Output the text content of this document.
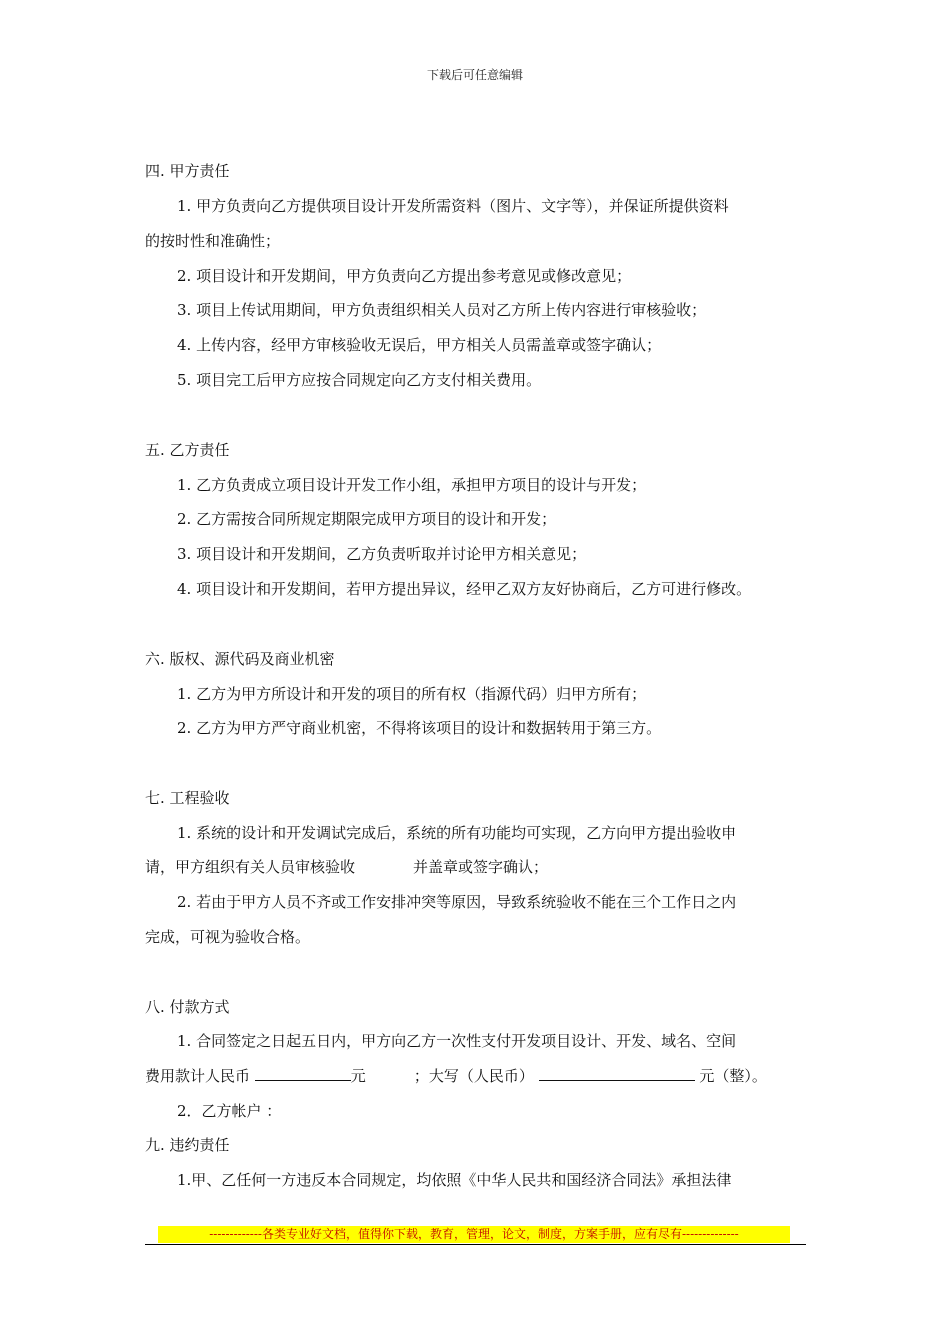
下载后可任意编辑
四. 甲方责任
1. 甲方负责向乙方提供项目设计开发所需资料（图片、文字等），并保证所提供资料
的按时性和准确性；
2. 项目设计和开发期间，甲方负责向乙方提出参考意见或修改意见；
3. 项目上传试用期间，甲方负责组织相关人员对乙方所上传内容进行审核验收；
4. 上传内容，经甲方审核验收无误后，甲方相关人员需盖章或签字确认；
5. 项目完工后甲方应按合同规定向乙方支付相关费用。
五. 乙方责任
1. 乙方负责成立项目设计开发工作小组，承担甲方项目的设计与开发；
2. 乙方需按合同所规定期限完成甲方项目的设计和开发；
3. 项目设计和开发期间，乙方负责听取并讨论甲方相关意见；
4. 项目设计和开发期间，若甲方提出异议，经甲乙双方友好协商后，乙方可进行修改。
六. 版权、源代码及商业机密
1. 乙方为甲方所设计和开发的项目的所有权（指源代码）归甲方所有；
2. 乙方为甲方严守商业机密，不得将该项目的设计和数据转用于第三方。
七. 工程验收
1. 系统的设计和开发调试完成后，系统的所有功能均可实现，乙方向甲方提出验收申
请，甲方组织有关人员审核验收	并盖章或签字确认；
2. 若由于甲方人员不齐或工作安排冲突等原因，导致系统验收不能在三个工作日之内
完成，可视为验收合格。
八. 付款方式
1. 合同签定之日起五日内，甲方向乙方一次性支付开发项目设计、开发、域名、空间
费用款计人民币	元	；大写（人民币）	元（整）。
2．乙方帐户 ：
九. 违约责任
1.甲、乙任何一方违反本合同规定，均依照《中华人民共和国经济合同法》承担法律
-------------各类专业好文档，值得你下载，教育，管理，论文，制度，方案手册，应有尽有--------------
